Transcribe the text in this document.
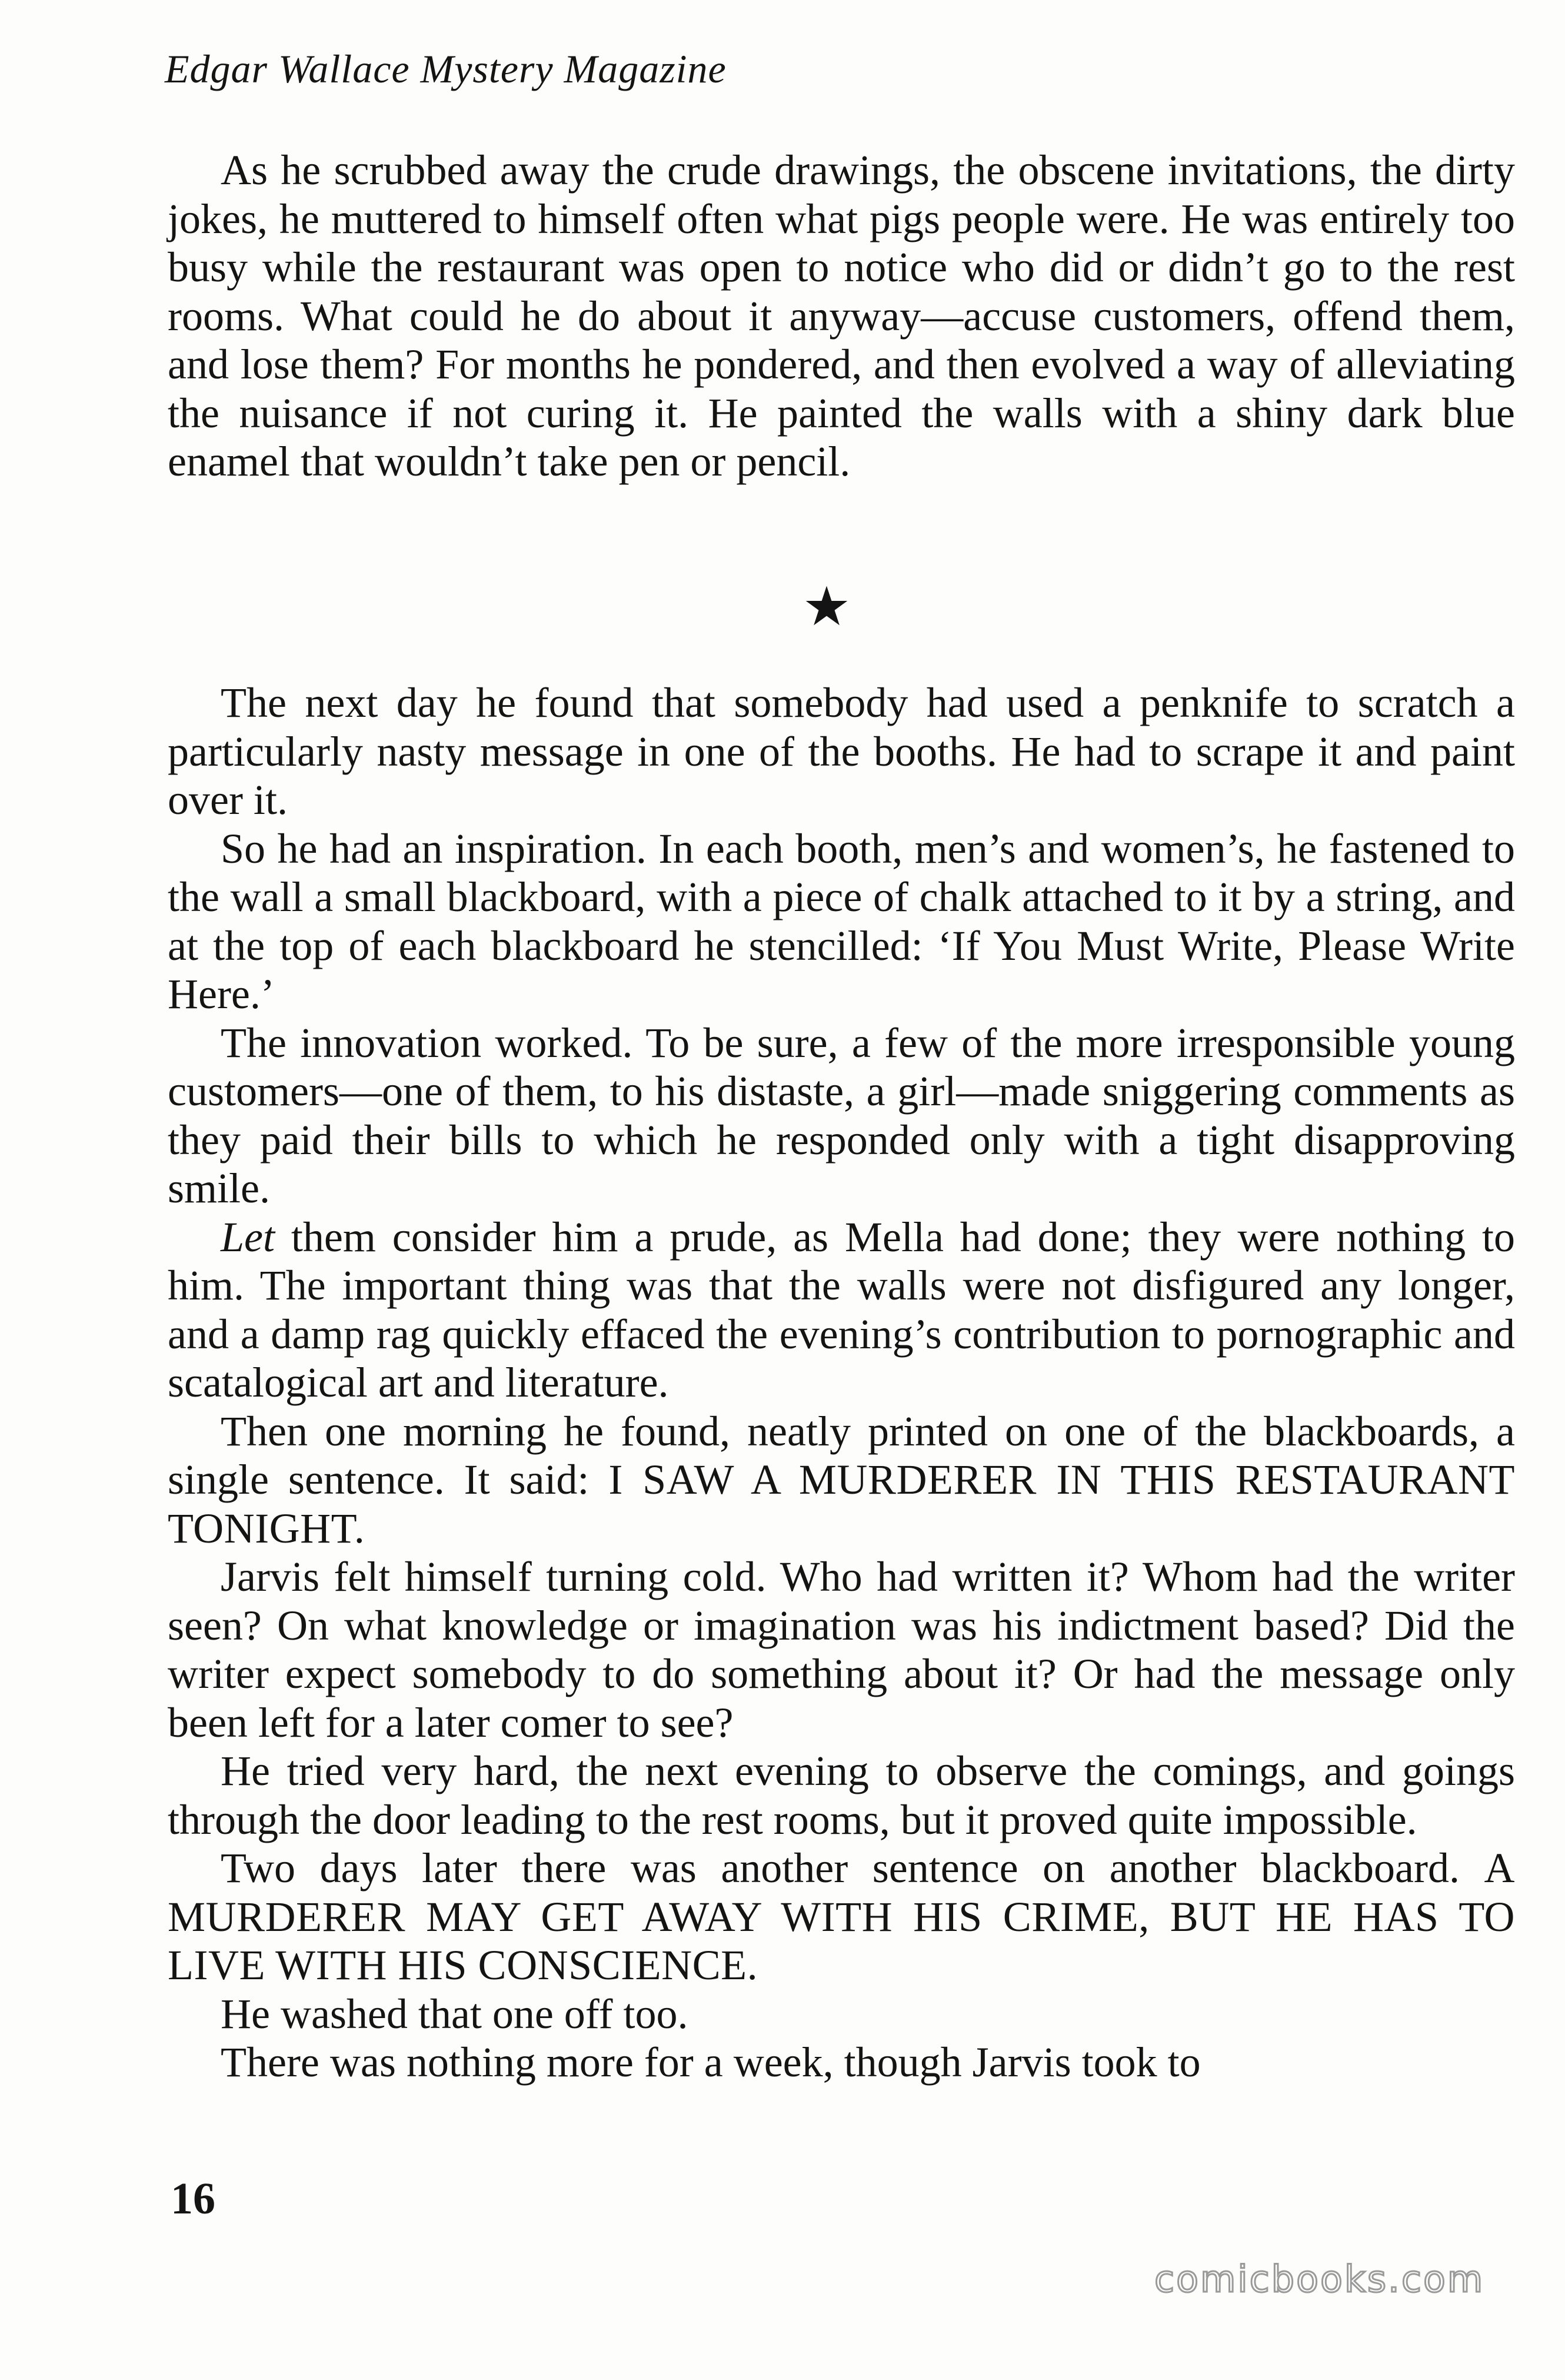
Edgar Wallace Mystery Magazine

As he scrubbed away the crude drawings, the obscene invitations, the dirty jokes, he muttered to himself often what pigs people were. He was entirely too busy while the restaurant was open to notice who did or didn’t go to the rest rooms. What could he do about it anyway—accuse customers, offend them, and lose them? For months he pondered, and then evolved a way of alleviating the nuisance if not curing it. He painted the walls with a shiny dark blue enamel that wouldn’t take pen or pencil.

★

The next day he found that somebody had used a penknife to scratch a particularly nasty message in one of the booths. He had to scrape it and paint over it.

So he had an inspiration. In each booth, men’s and women’s, he fastened to the wall a small blackboard, with a piece of chalk attached to it by a string, and at the top of each blackboard he stencilled: ‘If You Must Write, Please Write Here.’

The innovation worked. To be sure, a few of the more irresponsible young customers—one of them, to his distaste, a girl—made sniggering comments as they paid their bills to which he responded only with a tight disapproving smile.

Let them consider him a prude, as Mella had done; they were nothing to him. The important thing was that the walls were not disfigured any longer, and a damp rag quickly effaced the evening’s contribution to pornographic and scatalogical art and literature.

Then one morning he found, neatly printed on one of the blackboards, a single sentence. It said: I SAW A MURDERER IN THIS RESTAURANT TONIGHT.

Jarvis felt himself turning cold. Who had written it? Whom had the writer seen? On what knowledge or imagination was his indictment based? Did the writer expect somebody to do something about it? Or had the message only been left for a later comer to see?

He tried very hard, the next evening to observe the comings, and goings through the door leading to the rest rooms, but it proved quite impossible.

Two days later there was another sentence on another blackboard. A MURDERER MAY GET AWAY WITH HIS CRIME, BUT HE HAS TO LIVE WITH HIS CONSCIENCE.

He washed that one off too.

There was nothing more for a week, though Jarvis took to

16
comicbooks.com
